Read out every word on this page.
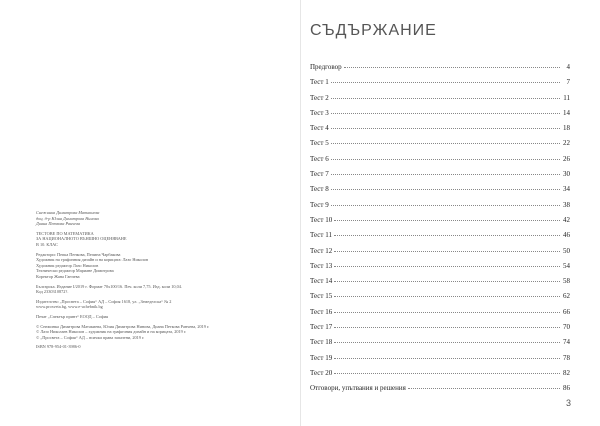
Снежинка Димитрова Матакиева
доц. д-р Юлия Димитрова Нинова
Диана Петкова Ранчева
ТЕСТОВЕ ПО МАТЕМАТИКА
ЗА НАЦИОНАЛНОТО ВЪНШНО ОЦЕНЯВАНЕ
В 10. КЛАС
Редактори: Пепка Пенкова, Пепина Чарбакова
Художник на графичния дизайн и на корицата: Лазо Николов
Художник редактор Лазо Николов
Технически редактор Мариане Димитрова
Коректор Жана Ганчева
Българска. Издание I/2019 г. Формат 70x100/16. Печ. коли 7,75. Изд. коли 10,04.
Код 2330310872?.
Издателство „Просвета – София“ АД – София 1618, ул. „Земеделска“ № 2
www.prosveta.bg, www.e-uchebnik.bg
Печат „Спектър принт“ ЕООД – София
© Снежинка Димитрова Матакиева, Юлия Димитрова Нинова, Диана Петкова Ранчева, 2019 г.
© Лазо Николаев Николов – художник на графичния дизайн и на корицата, 2019 г.
© „Просвета – София“ АД – всички права запазени, 2019 г.
ISBN 978-954-01-3986-0
СЪДЪРЖАНИЕ
Предговор	4
Тест 1	7
Тест 2	11
Тест 3	14
Тест 4	18
Тест 5	22
Тест 6	26
Тест 7	30
Тест 8	34
Тест 9	38
Тест 10	42
Тест 11	46
Тест 12	50
Тест 13	54
Тест 14	58
Тест 15	62
Тест 16	66
Тест 17	70
Тест 18	74
Тест 19	78
Тест 20	82
Отговори, упътвания и решения	86
3
